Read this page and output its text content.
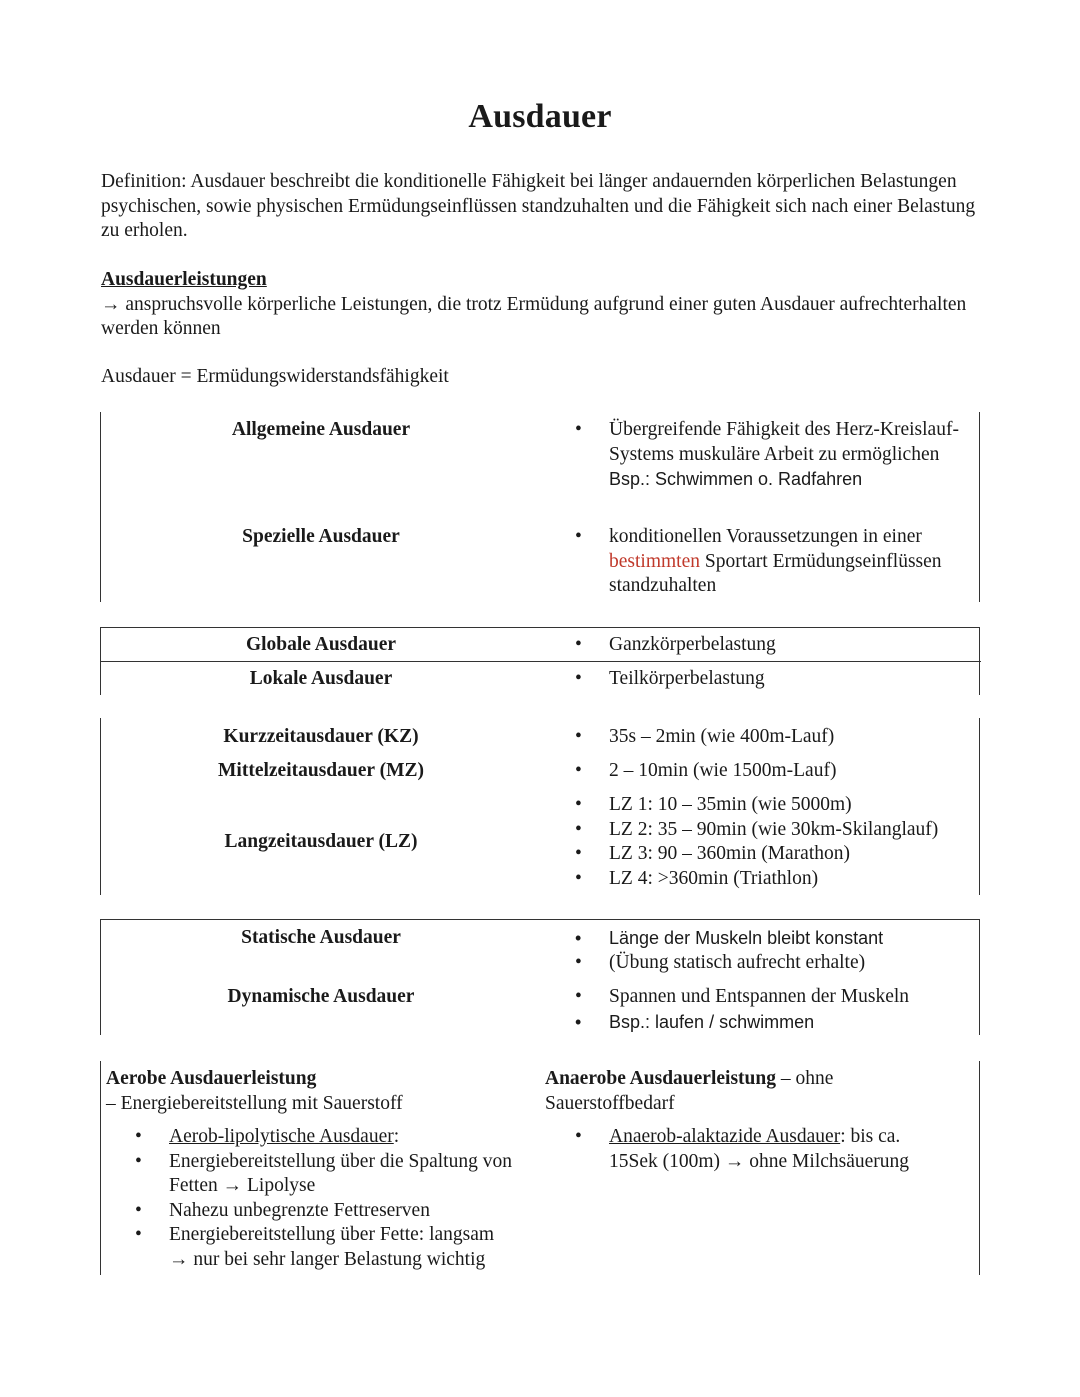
Ausdauer

Definition: Ausdauer beschreibt die konditionelle Fähigkeit bei länger andauernden körperlichen Belastungen psychischen, sowie physischen Ermüdungseinflüssen standzuhalten und die Fähigkeit sich nach einer Belastung zu erholen.

Ausdauerleistungen
→ anspruchsvolle körperliche Leistungen, die trotz Ermüdung aufgrund einer guten Ausdauer aufrechterhalten werden können

Ausdauer = Ermüdungswiderstandsfähigkeit

Allgemeine Ausdauer	• Übergreifende Fähigkeit des Herz-Kreislauf-Systems muskuläre Arbeit zu ermöglichen
Bsp.: Schwimmen o. Radfahren
Spezielle Ausdauer	• konditionellen Voraussetzungen in einer bestimmten Sportart Ermüdungseinflüssen standzuhalten
Globale Ausdauer	• Ganzkörperbelastung
Lokale Ausdauer	• Teilkörperbelastung
Kurzzeitausdauer (KZ)	• 35s – 2min (wie 400m-Lauf)
Mittelzeitausdauer (MZ)	• 2 – 10min (wie 1500m-Lauf)
Langzeitausdauer (LZ)
• LZ 1: 10 – 35min (wie 5000m)
• LZ 2: 35 – 90min (wie 30km-Skilanglauf)
• LZ 3: 90 – 360min (Marathon)
• LZ 4: >360min (Triathlon)
Statische Ausdauer	• Länge der Muskeln bleibt konstant
• (Übung statisch aufrecht erhalte)
Dynamische Ausdauer	• Spannen und Entspannen der Muskeln
• Bsp.: laufen / schwimmen
Aerobe Ausdauerleistung
– Energiebereitstellung mit Sauerstoff
• Aerob-lipolytische Ausdauer:
• Energiebereitstellung über die Spaltung von Fetten → Lipolyse
• Nahezu unbegrenzte Fettreserven
• Energiebereitstellung über Fette: langsam
→ nur bei sehr langer Belastung wichtig
Anaerobe Ausdauerleistung – ohne Sauerstoffbedarf
• Anaerob-alaktazide Ausdauer: bis ca. 15Sek (100m) → ohne Milchsäuerung
